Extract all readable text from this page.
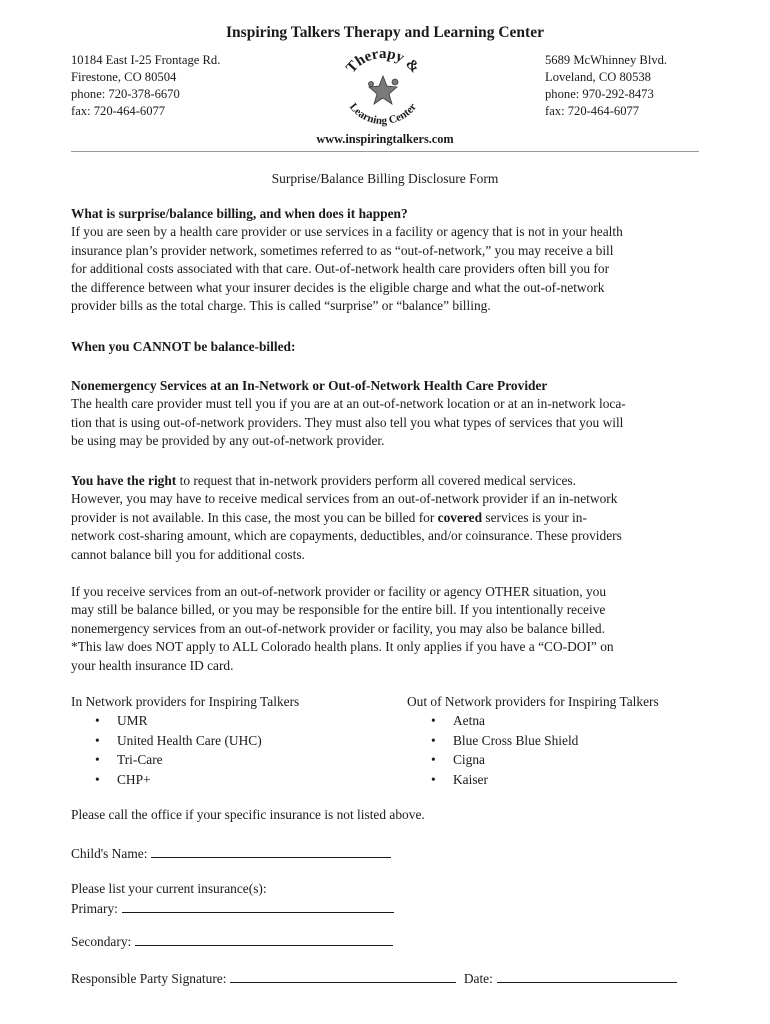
Inspiring Talkers Therapy and Learning Center
10184 East I-25 Frontage Rd.
Firestone, CO 80504
phone: 720-378-6670
fax: 720-464-6077
5689 McWhinney Blvd.
Loveland, CO 80538
phone: 970-292-8473
fax: 720-464-6077
Therapy &
Learning Center
www.inspiringtalkers.com
Surprise/Balance Billing Disclosure Form
What is surprise/balance billing, and when does it happen?
If you are seen by a health care provider or use services in a facility or agency that is not in your health
insurance plan’s provider network, sometimes referred to as “out-of-network,” you may receive a bill
for additional costs associated with that care. Out-of-network health care providers often bill you for
the difference between what your insurer decides is the eligible charge and what the out-of-network
provider bills as the total charge. This is called “surprise” or “balance” billing.
When you CANNOT be balance-billed:
Nonemergency Services at an In-Network or Out-of-Network Health Care Provider
The health care provider must tell you if you are at an out-of-network location or at an in-network loca-
tion that is using out-of-network providers. They must also tell you what types of services that you will
be using may be provided by any out-of-network provider.
You have the right to request that in-network providers perform all covered medical services.
However, you may have to receive medical services from an out-of-network provider if an in-network
provider is not available. In this case, the most you can be billed for covered services is your in-
network cost-sharing amount, which are copayments, deductibles, and/or coinsurance. These providers
cannot balance bill you for additional costs.
If you receive services from an out-of-network provider or facility or agency OTHER situation, you
may still be balance billed, or you may be responsible for the entire bill. If you intentionally receive
nonemergency services from an out-of-network provider or facility, you may also be balance billed.
*This law does NOT apply to ALL Colorado health plans. It only applies if you have a “CO-DOI” on
your health insurance ID card.
In Network providers for Inspiring Talkers
• UMR
• United Health Care (UHC)
• Tri-Care
• CHP+
Out of Network providers for Inspiring Talkers
• Aetna
• Blue Cross Blue Shield
• Cigna
• Kaiser
Please call the office if your specific insurance is not listed above.
Child's Name:
Please list your current insurance(s):
Primary:
Secondary:
Responsible Party Signature:	Date:
